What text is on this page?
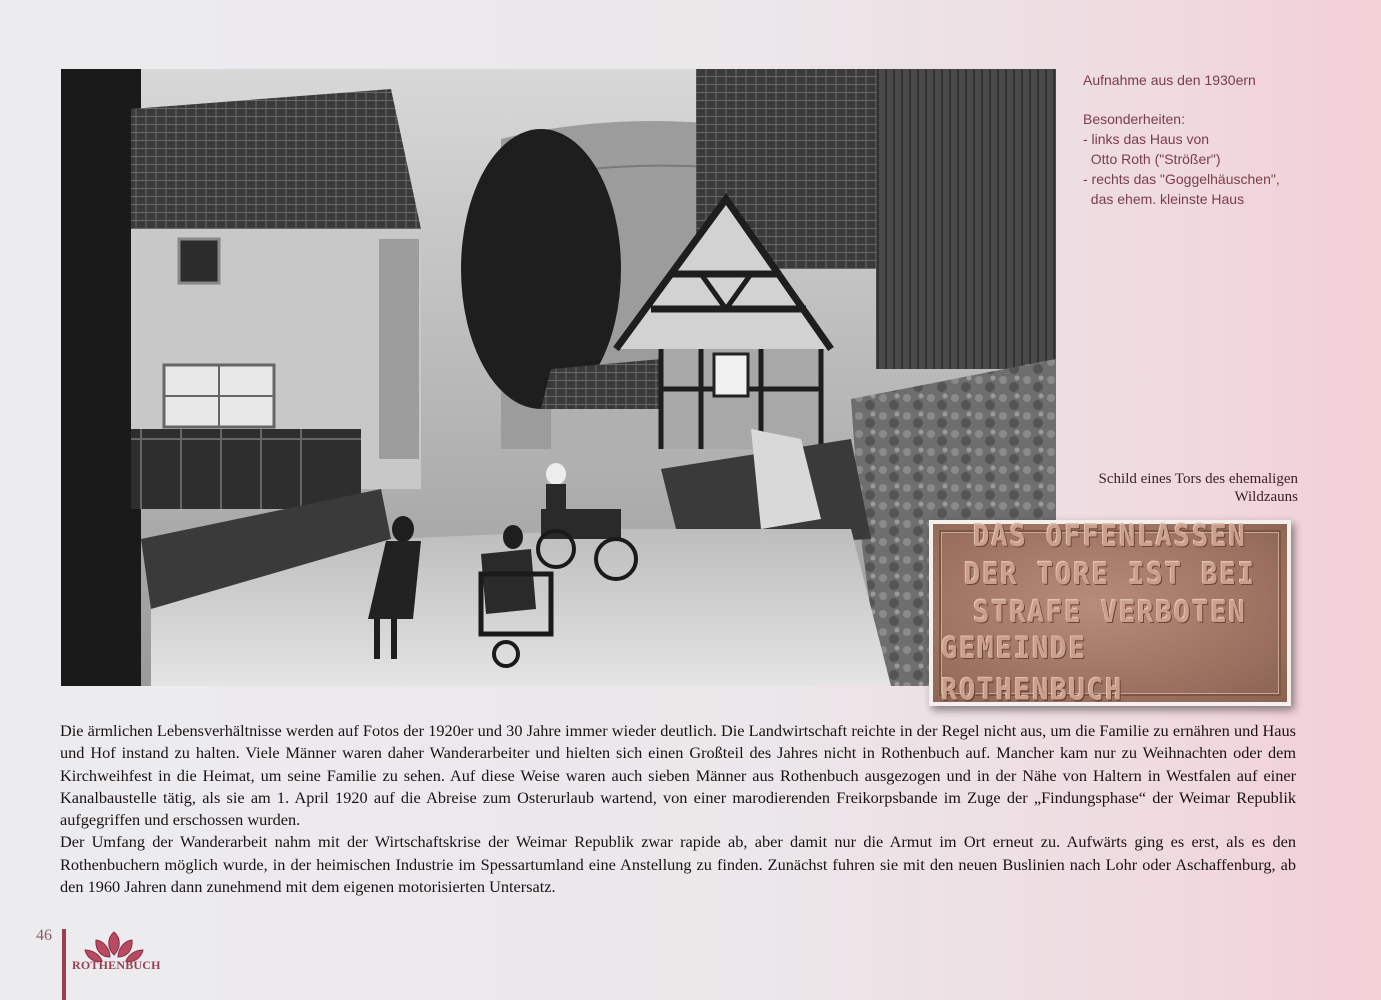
Aufnahme aus den 1930ern
Besonderheiten:
- links das Haus von
Otto Roth ("Strößer")
- rechts das "Goggelhäuschen",
das ehem. kleinste Haus
Schild eines Tors des ehemaligen
Wildzauns
DAS OFFENLASSEN
DER TORE IST BEI
STRAFE VERBOTEN
GEMEINDE ROTHENBUCH

Die ärmlichen Lebensverhältnisse werden auf Fotos der 1920er und 30 Jahre immer wieder deutlich. Die Landwirtschaft reichte in der Regel nicht aus, um die Familie zu ernähren und Haus und Hof instand zu halten. Viele Männer waren daher Wanderarbeiter und hielten sich einen Großteil des Jahres nicht in Rothenbuch auf. Mancher kam nur zu Weihnachten oder dem Kirchweihfest in die Heimat, um seine Familie zu sehen. Auf diese Weise waren auch sieben Männer aus Rothenbuch ausgezogen und in der Nähe von Haltern in Westfalen auf einer Kanalbaustelle tätig, als sie am 1. April 1920 auf die Abreise zum Osterurlaub wartend, von einer marodierenden Freikorpsbande im Zuge der „Findungsphase“ der Weimar Republik aufgegriffen und erschossen wurden.

Der Umfang der Wanderarbeit nahm mit der Wirtschaftskrise der Weimar Republik zwar rapide ab, aber damit nur die Armut im Ort erneut zu. Aufwärts ging es erst, als es den Rothenbuchern möglich wurde, in der heimischen Industrie im Spessartumland eine Anstellung zu finden. Zunächst fuhren sie mit den neuen Buslinien nach Lohr oder Aschaffenburg, ab den 1960 Jahren dann zunehmend mit dem eigenen motorisierten Untersatz.

46
ROTHENBUCH
